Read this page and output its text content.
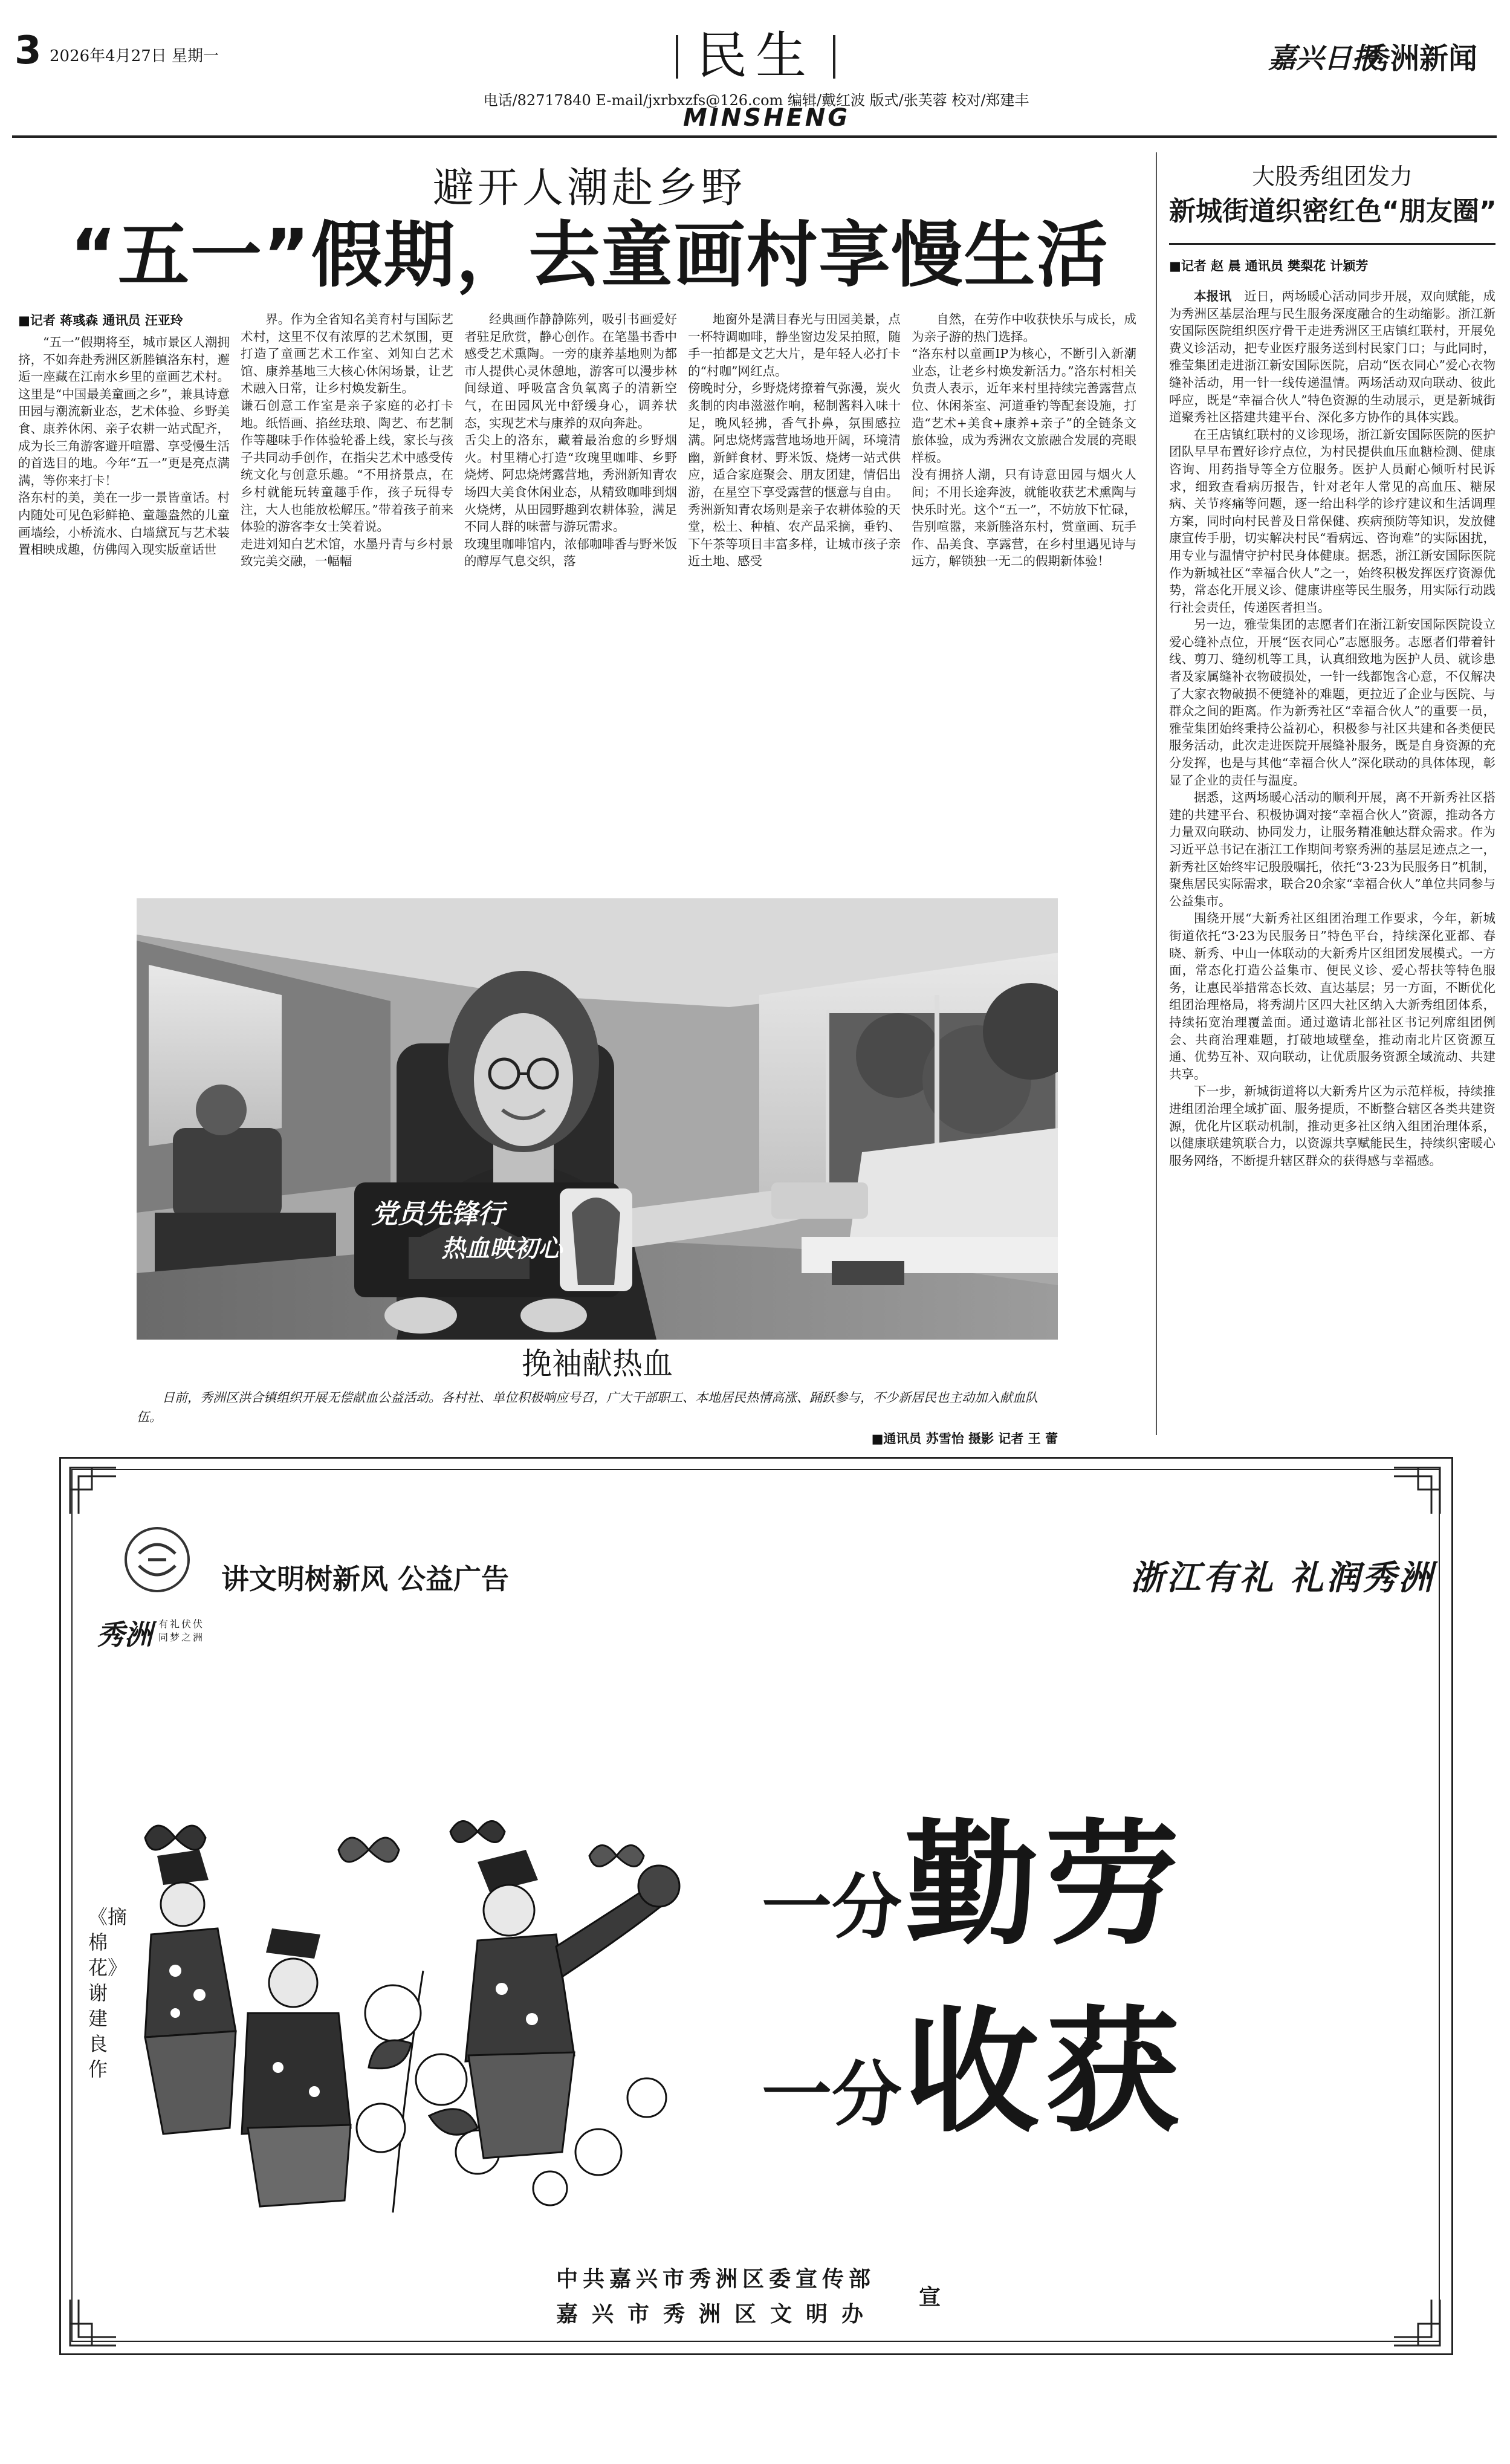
3 2026年4月27日 星期一	民生
MINSHENG
电话/82717840 E-mail/jxrbxzfs@126.com 编辑/戴红波 版式/张芙蓉 校对/郑建丰
嘉兴日报
秀洲新闻
避开人潮赴乡野
“五一”假期，去童画村享慢生活
■记者 蒋彧森 通讯员 汪亚玲

“五一”假期将至，城市景区人潮拥挤，不如奔赴秀洲区新塍镇洛东村，邂逅一座藏在江南水乡里的童画艺术村。这里是“中国最美童画之乡”，兼具诗意田园与潮流新业态，艺术体验、乡野美食、康养休闲、亲子农耕一站式配齐，成为长三角游客避开喧嚣、享受慢生活的首选目的地。今年“五一”更是亮点满满，等你来打卡！
洛东村的美，美在一步一景皆童话。村内随处可见色彩鲜艳、童趣盎然的儿童画墙绘，小桥流水、白墙黛瓦与艺术装置相映成趣，仿佛闯入现实版童话世

界。作为全省知名美育村与国际艺术村，这里不仅有浓厚的艺术氛围，更打造了童画艺术工作室、刘知白艺术馆、康养基地三大核心休闲场景，让艺术融入日常，让乡村焕发新生。
谦石创意工作室是亲子家庭的必打卡地。纸悟画、掐丝珐琅、陶艺、布艺制作等趣味手作体验轮番上线，家长与孩子共同动手创作，在指尖艺术中感受传统文化与创意乐趣。“不用挤景点，在乡村就能玩转童趣手作，孩子玩得专注，大人也能放松解压。”带着孩子前来体验的游客李女士笑着说。
走进刘知白艺术馆，水墨丹青与乡村景致完美交融，一幅幅

经典画作静静陈列，吸引书画爱好者驻足欣赏，静心创作。在笔墨书香中感受艺术熏陶。一旁的康养基地则为都市人提供心灵休憩地，游客可以漫步林间绿道、呼吸富含负氧离子的清新空气，在田园风光中舒缓身心，调养状态，实现艺术与康养的双向奔赴。
舌尖上的洛东，藏着最治愈的乡野烟火。村里精心打造“玫瑰里咖啡、乡野烧烤、阿忠烧烤露营地，秀洲新知青农场四大美食休闲业态，从精致咖啡到烟火烧烤，从田园野趣到农耕体验，满足不同人群的味蕾与游玩需求。
玫瑰里咖啡馆内，浓郁咖啡香与野米饭的醇厚气息交织，落

地窗外是满目春光与田园美景，点一杯特调咖啡，静坐窗边发呆拍照，随手一拍都是文艺大片，是年轻人必打卡的“村咖”网红点。
傍晚时分，乡野烧烤撩着气弥漫，炭火炙制的肉串滋滋作响，秘制酱料入味十足，晚风轻拂，香气扑鼻，氛围感拉满。阿忠烧烤露营地场地开阔，环境清幽，新鲜食材、野米饭、烧烤一站式供应，适合家庭聚会、朋友团建，情侣出游，在星空下享受露营的惬意与自由。
秀洲新知青农场则是亲子农耕体验的天堂，松土、种植、农产品采摘，垂钓、下午茶等项目丰富多样，让城市孩子亲近土地、感受

自然，在劳作中收获快乐与成长，成为亲子游的热门选择。
“洛东村以童画IP为核心，不断引入新潮业态，让老乡村焕发新活力。”洛东村相关负责人表示，近年来村里持续完善露营点位、休闲茶室、河道垂钓等配套设施，打造“艺术+美食+康养+亲子”的全链条文旅体验，成为秀洲农文旅融合发展的亮眼样板。
没有拥挤人潮，只有诗意田园与烟火人间；不用长途奔波，就能收获艺术熏陶与快乐时光。这个“五一”，不妨放下忙碌，告别喧嚣，来新塍洛东村，赏童画、玩手作、品美食、享露营，在乡村里遇见诗与远方，解锁独一无二的假期新体验！

党员先锋行
热血映初心
挽袖献热血
日前，秀洲区洪合镇组织开展无偿献血公益活动。各村社、单位积极响应号召，广大干部职工、本地居民热情高涨、踊跃参与，不少新居民也主动加入献血队伍。
■通讯员 苏雪怡 摄影 记者 王 蕾
大股秀组团发力
新城街道织密红色“朋友圈”
■记者 赵 晨 通讯员 樊梨花 计颖芳

本报讯　 近日，两场暖心活动同步开展，双向赋能，成为秀洲区基层治理与民生服务深度融合的生动缩影。浙江新安国际医院组织医疗骨干走进秀洲区王店镇红联村，开展免费义诊活动，把专业医疗服务送到村民家门口；与此同时，雅莹集团走进浙江新安国际医院，启动“医衣同心”爱心衣物缝补活动，用一针一线传递温情。两场活动双向联动、彼此呼应，既是“幸福合伙人”特色资源的生动展示，更是新城街道聚秀社区搭建共建平台、深化多方协作的具体实践。

在王店镇红联村的义诊现场，浙江新安国际医院的医护团队早早布置好诊疗点位，为村民提供血压血糖检测、健康咨询、用药指导等全方位服务。医护人员耐心倾听村民诉求，细致查看病历报告，针对老年人常见的高血压、糖尿病、关节疼痛等问题，逐一给出科学的诊疗建议和生活调理方案，同时向村民普及日常保健、疾病预防等知识，发放健康宣传手册，切实解决村民“看病远、咨询难”的实际困扰，用专业与温情守护村民身体健康。据悉，浙江新安国际医院作为新城社区“幸福合伙人”之一，始终积极发挥医疗资源优势，常态化开展义诊、健康讲座等民生服务，用实际行动践行社会责任，传递医者担当。

另一边，雅莹集团的志愿者们在浙江新安国际医院设立爱心缝补点位，开展“医衣同心”志愿服务。志愿者们带着针线、剪刀、缝纫机等工具，认真细致地为医护人员、就诊患者及家属缝补衣物破损处，一针一线都饱含心意，不仅解决了大家衣物破损不便缝补的难题，更拉近了企业与医院、与群众之间的距离。作为新秀社区“幸福合伙人”的重要一员，雅莹集团始终秉持公益初心，积极参与社区共建和各类便民服务活动，此次走进医院开展缝补服务，既是自身资源的充分发挥，也是与其他“幸福合伙人”深化联动的具体体现，彰显了企业的责任与温度。

据悉，这两场暖心活动的顺利开展，离不开新秀社区搭建的共建平台、积极协调对接“幸福合伙人”资源，推动各方力量双向联动、协同发力，让服务精准触达群众需求。作为习近平总书记在浙江工作期间考察秀洲的基层足迹点之一，新秀社区始终牢记殷殷嘱托，依托“3·23为民服务日”机制，聚焦居民实际需求，联合20余家“幸福合伙人”单位共同参与公益集市。

围绕开展“大新秀社区组团治理工作要求，今年，新城街道依托“3·23为民服务日”特色平台，持续深化亚都、春晓、新秀、中山一体联动的大新秀片区组团发展模式。一方面，常态化打造公益集市、便民义诊、爱心帮扶等特色服务，让惠民举措常态长效、直达基层；另一方面，不断优化组团治理格局，将秀湖片区四大社区纳入大新秀组团体系，持续拓宽治理覆盖面。通过邀请北部社区书记列席组团例会、共商治理难题，打破地域壁垒，推动南北片区资源互通、优势互补、双向联动，让优质服务资源全域流动、共建共享。

下一步，新城街道将以大新秀片区为示范样板，持续推进组团治理全域扩面、服务提质，不断整合辖区各类共建资源，优化片区联动机制，推动更多社区纳入组团治理体系，以健康联建筑联合力，以资源共享赋能民生，持续织密暖心服务网络，不断提升辖区群众的获得感与幸福感。

秀洲 有礼伏伏 同梦之洲
讲文明树新风 公益广告	浙江有礼 礼润秀洲
《摘棉花》谢建良作
一分 勤劳
一分 收获
中共嘉兴市秀洲区委宣传部
嘉兴市秀洲区文明办
宣
